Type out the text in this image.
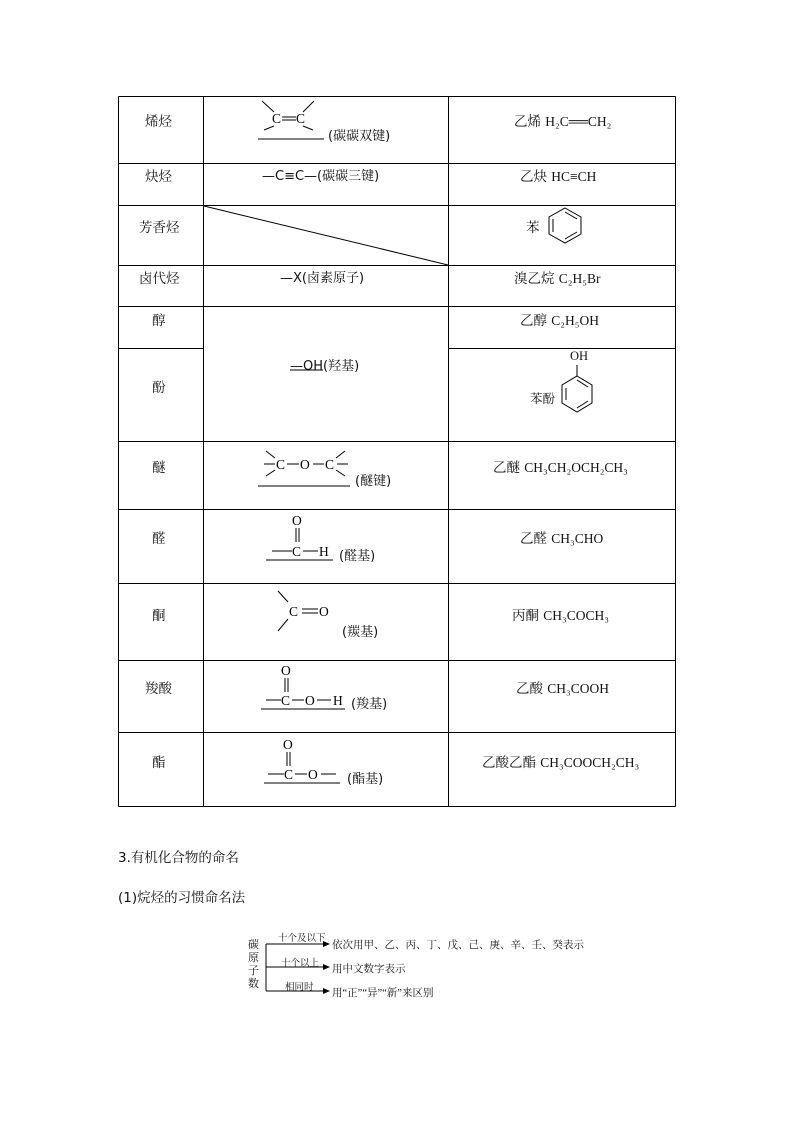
C C
C O C
O
C H
C O
O
C O H
O
C O
烯烃
炔烃
芳香烃
卤代烃
醇
酚
醚
醛
酮
羧酸
酯
(碳碳双键)
—C≡C—(碳碳三键)
—X(卤素原子)
—OH(羟基)
(醚键)
(醛基)
(羰基)
(羧基)
(酯基)
乙烯 H₂C══CH₂
乙炔 HC≡CH
苯
溴乙烷 C₂H₅Br
乙醇 C₂H₅OH
OH
苯酚
乙醚 CH₃CH₂OCH₂CH₃
乙醛 CH₃CHO
丙酮 CH₃COCH₃
乙酸 CH₃COOH
乙酸乙酯 CH₃COOCH₂CH₃
3.有机化合物的命名
(1)烷烃的习惯命名法
碳
原
子
数
十个及以下
依次用甲、乙、丙、丁、戊、己、庚、辛、壬、癸表示
十个以上 用中文数字表示
相同时 用“正”“异”“新”来区别
